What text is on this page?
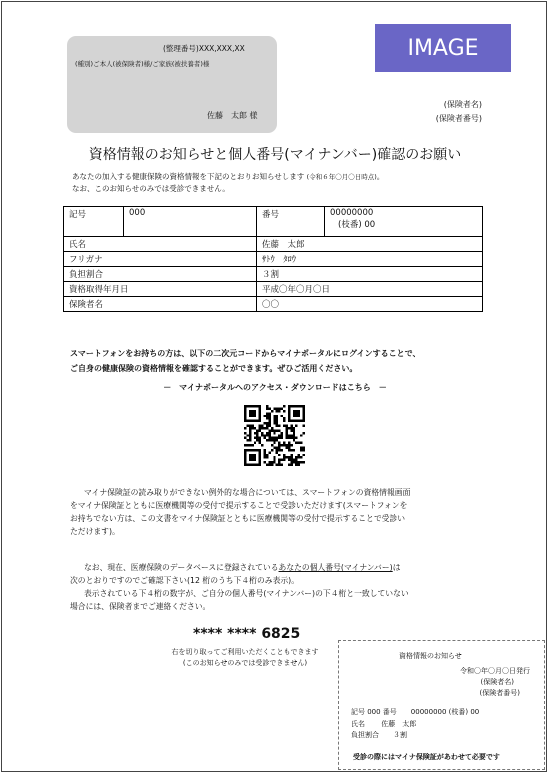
(整理番号)XXX,XXX,XX
(種別)ご本人(被保険者)様/ご家族(被扶養者)様
佐藤　太郎 様
IMAGE
(保険者名)
(保険者番号)
資格情報のお知らせと個人番号(マイナンバー)確認のお願い
あなたの加入する健康保険の資格情報を下記のとおりお知らせします (令和６年〇月〇日時点)。
なお、このお知らせのみでは受診できません。
記号	000	番号	00000000
(枝番) 00

氏名		佐藤　太郎	
フリガナ		ｻﾄｳ　ﾀﾛｳ	
負担割合		３割	
資格取得年月日		平成〇年〇月〇日	
保険者名		〇〇	
スマートフォンをお持ちの方は、以下の二次元コードからマイナポータルにログインすることで、
ご自身の健康保険の資格情報を確認することができます。ぜひご活用ください。
－　マイナポータルへのアクセス・ダウンロードはこちら　－
マイナ保険証の読み取りができない例外的な場合については、スマートフォンの資格情報画面
をマイナ保険証とともに医療機関等の受付で提示することで受診いただけます(スマートフォンを
お持ちでない方は、この文書をマイナ保険証とともに医療機関等の受付で提示することで受診い
ただけます)。
なお、現在、医療保険のデータベースに登録されているあなたの個人番号(マイナンバー)は
次のとおりですのでご確認下さい(12 桁のうち下４桁のみ表示)。
表示されている下４桁の数字が、ご自分の個人番号(マイナンバー)の下４桁と一致していない
場合には、保険者までご連絡ください。
**** **** 6825
右を切り取ってご利用いただくこともできます
(このお知らせのみでは受診できません)
資格情報のお知らせ
令和〇年〇月〇日発行
(保険者名)
(保険者番号)
記号 000 番号　　00000000 (枝番) 00
氏名　　 佐藤　太郎
負担割合　　３割
受診の際にはマイナ保険証があわせて必要です
